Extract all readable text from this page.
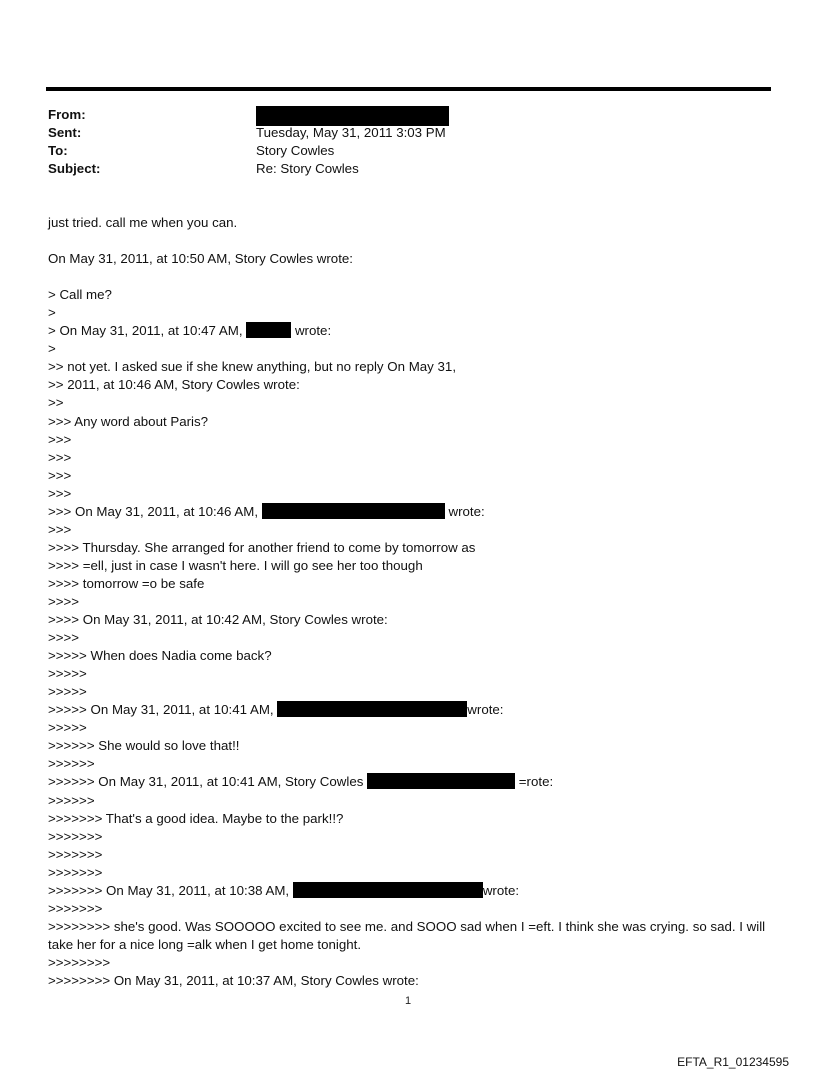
From:
Sent:	Tuesday, May 31, 2011 3:03 PM
To:	Story Cowles
Subject:	Re: Story Cowles
just tried. call me when you can.
On May 31, 2011, at 10:50 AM, Story Cowles wrote:
> Call me?
>
> On May 31, 2011, at 10:47 AM,	wrote:
>
>> not yet. I asked sue if she knew anything, but no reply On May 31,
>> 2011, at 10:46 AM, Story Cowles wrote:
>>
>>> Any word about Paris?
>>>
>>>
>>>
>>>
>>> On May 31, 2011, at 10:46 AM,	wrote:
>>>
>>>> Thursday. She arranged for another friend to come by tomorrow as
>>>> =ell, just in case I wasn't here. I will go see her too though
>>>> tomorrow =o be safe
>>>>
>>>> On May 31, 2011, at 10:42 AM, Story Cowles wrote:
>>>>
>>>>> When does Nadia come back?
>>>>>
>>>>>
>>>>> On May 31, 2011, at 10:41 AM,	wrote:
>>>>>
>>>>>> She would so love that!!
>>>>>>
>>>>>> On May 31, 2011, at 10:41 AM, Story Cowles	=rote:
>>>>>>
>>>>>>> That's a good idea. Maybe to the park!!?
>>>>>>>
>>>>>>>
>>>>>>>
>>>>>>> On May 31, 2011, at 10:38 AM,	wrote:
>>>>>>>
>>>>>>>> she's good. Was SOOOOO excited to see me. and SOOO sad when I =eft. I think she was crying. so sad. I will take her for a nice long =alk when I get home tonight.
>>>>>>>>
>>>>>>>> On May 31, 2011, at 10:37 AM, Story Cowles wrote:
1
EFTA_R1_01234595
